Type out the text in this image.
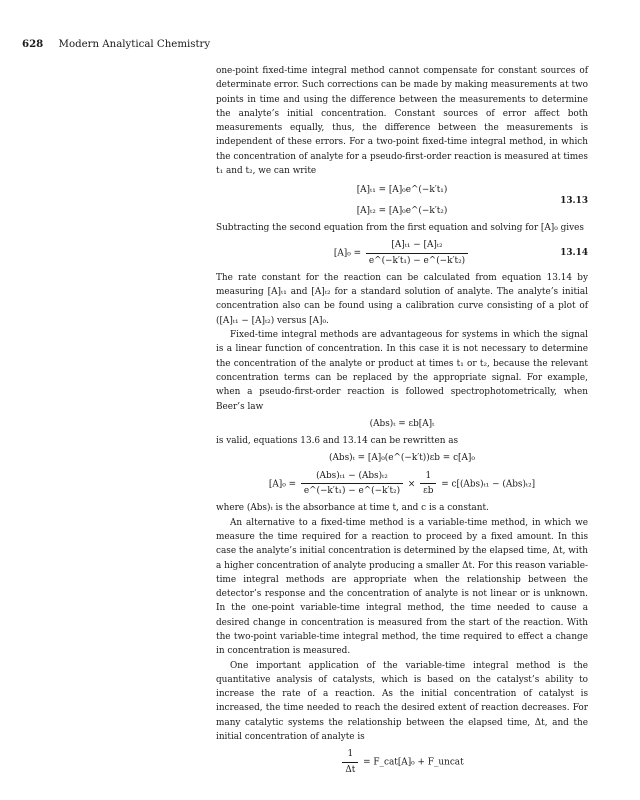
628 Modern Analytical Chemistry

one-point fixed-time integral method cannot compensate for constant sources of determinate error. Such corrections can be made by making measurements at two points in time and using the difference between the measurements to determine the analyte’s initial concentration. Constant sources of error affect both measurements equally, thus, the difference between the measurements is independent of these errors. For a two-point fixed-time integral method, in which the concentration of analyte for a pseudo-first-order reaction is measured at times t₁ and t₂, we can write

[A]ₜ₁ = [A]₀e^(−k′t₁)
[A]ₜ₂ = [A]₀e^(−k′t₂)
13.13

Subtracting the second equation from the first equation and solving for [A]₀ gives

$[A]_0 = \frac{\text{[A]ₜ₁ − [A]ₜ₂}}{\text{e\textasciicircum{}(−k′t₁) − e\textasciicircum{}(−k′t₂)}}$	13.14

The rate constant for the reaction can be calculated from equation 13.14 by measuring [A]ₜ₁ and [A]ₜ₂ for a standard solution of analyte. The analyte’s initial concentration also can be found using a calibration curve consisting of a plot of ([A]ₜ₁ − [A]ₜ₂) versus [A]₀.

Fixed-time integral methods are advantageous for systems in which the signal is a linear function of concentration. In this case it is not necessary to determine the concentration of the analyte or product at times t₁ or t₂, because the relevant concentration terms can be replaced by the appropriate signal. For example, when a pseudo-first-order reaction is followed spectrophotometrically, when Beer’s law

(Abs)ₜ = εb[A]ₜ

is valid, equations 13.6 and 13.14 can be rewritten as

(Abs)ₜ = [A]₀(e^(−k′t))εb = c[A]₀
$[A]_0 = \frac{\text{(Abs)ₜ₁ − (Abs)ₜ₂}}{\text{e\textasciicircum{}(−k′t₁) − e\textasciicircum{}(−k′t₂)}} \times \frac{1}{\varepsilon b} = c[(Abs)_{t1} - (Abs)_{t2}]$

where (Abs)ₜ is the absorbance at time t, and c is a constant.

An alternative to a fixed-time method is a variable-time method, in which we measure the time required for a reaction to proceed by a fixed amount. In this case the analyte’s initial concentration is determined by the elapsed time, Δt, with a higher concentration of analyte producing a smaller Δt. For this reason variable-time integral methods are appropriate when the relationship between the detector’s response and the concentration of analyte is not linear or is unknown. In the one-point variable-time integral method, the time needed to cause a desired change in concentration is measured from the start of the reaction. With the two-point variable-time integral method, the time required to effect a change in concentration is measured.

One important application of the variable-time integral method is the quantitative analysis of catalysts, which is based on the catalyst’s ability to increase the rate of a reaction. As the initial concentration of catalyst is increased, the time needed to reach the desired extent of reaction decreases. For many catalytic systems the relationship between the elapsed time, Δt, and the initial concentration of analyte is

$\frac{1}{\Delta t}$ = F_cat[A]₀ + F_uncat
